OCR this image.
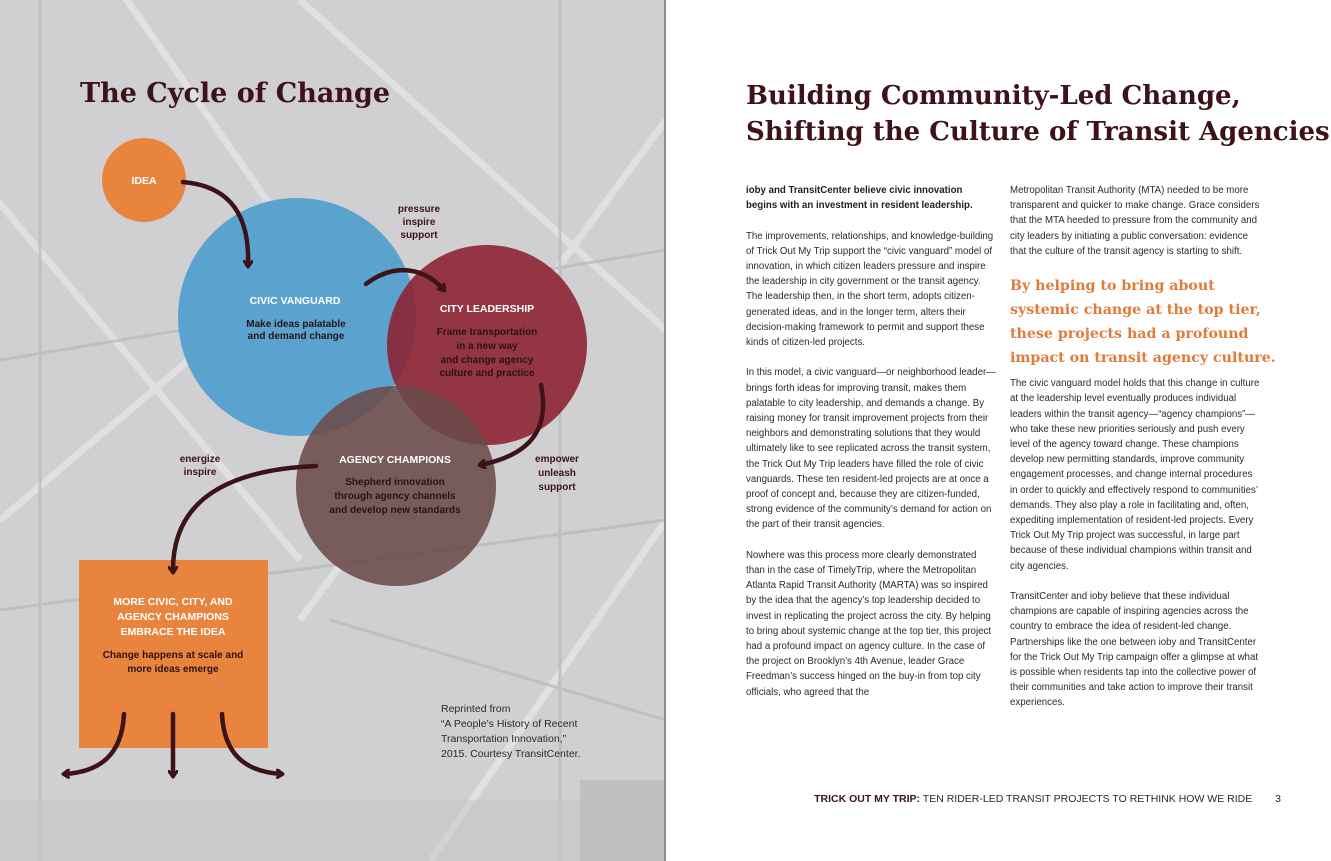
The Cycle of Change
IDEA
CIVIC VANGUARD
Make ideas palatable
and demand change
CITY LEADERSHIP
Frame transportation
in a new way
and change agency
culture and practice
AGENCY CHAMPIONS
Shepherd innovation
through agency channels
and develop new standards
MORE CIVIC, CITY, AND
AGENCY CHAMPIONS
EMBRACE THE IDEA
Change happens at scale and
more ideas emerge
pressure
inspire
support
empower
unleash
support
energize
inspire
Reprinted from
“A People’s History of Recent
Transportation Innovation,”
2015. Courtesy TransitCenter.
Building Community-Led Change,
Shifting the Culture of Transit Agencies

ioby and TransitCenter believe civic innovation begins with an investment in resident leadership.

The improvements, relationships, and knowledge-building of Trick Out My Trip support the “civic vanguard” model of innovation, in which citizen leaders pressure and inspire the leadership in city government or the transit agency. The leadership then, in the short term, adopts citizen-generated ideas, and in the longer term, alters their decision-making framework to permit and support these kinds of citizen-led projects.

In this model, a civic vanguard—or neighborhood leader—brings forth ideas for improving transit, makes them palatable to city leadership, and demands a change. By raising money for transit improvement projects from their neighbors and demonstrating solutions that they would ultimately like to see replicated across the transit system, the Trick Out My Trip leaders have filled the role of civic vanguards. These ten resident-led projects are at once a proof of concept and, because they are citizen-funded, strong evidence of the community’s demand for action on the part of their transit agencies.

Nowhere was this process more clearly demonstrated than in the case of TimelyTrip, where the Metropolitan Atlanta Rapid Transit Authority (MARTA) was so inspired by the idea that the agency’s top leadership decided to invest in replicating the project across the city. By helping to bring about systemic change at the top tier, this project had a profound impact on agency culture. In the case of the project on Brooklyn’s 4th Avenue, leader Grace Freedman’s success hinged on the buy-in from top city officials, who agreed that the

Metropolitan Transit Authority (MTA) needed to be more transparent and quicker to make change. Grace considers that the MTA heeded to pressure from the community and city leaders by initiating a public conversation: evidence that the culture of the transit agency is starting to shift.

By helping to bring about
systemic change at the top tier,
these projects had a profound
impact on transit agency culture.

The civic vanguard model holds that this change in culture at the leadership level eventually produces individual leaders within the transit agency—“agency champions”—who take these new priorities seriously and push every level of the agency toward change. These champions develop new permitting standards, improve community engagement processes, and change internal procedures in order to quickly and effectively respond to communities’ demands. They also play a role in facilitating and, often, expediting implementation of resident-led projects. Every Trick Out My Trip project was successful, in large part because of these individual champions within transit and city agencies.

TransitCenter and ioby believe that these individual champions are capable of inspiring agencies across the country to embrace the idea of resident-led change. Partnerships like the one between ioby and TransitCenter for the Trick Out My Trip campaign offer a glimpse at what is possible when residents tap into the collective power of their communities and take action to improve their transit experiences.

TRICK OUT MY TRIP: TEN RIDER-LED TRANSIT PROJECTS TO RETHINK HOW WE RIDE 3
